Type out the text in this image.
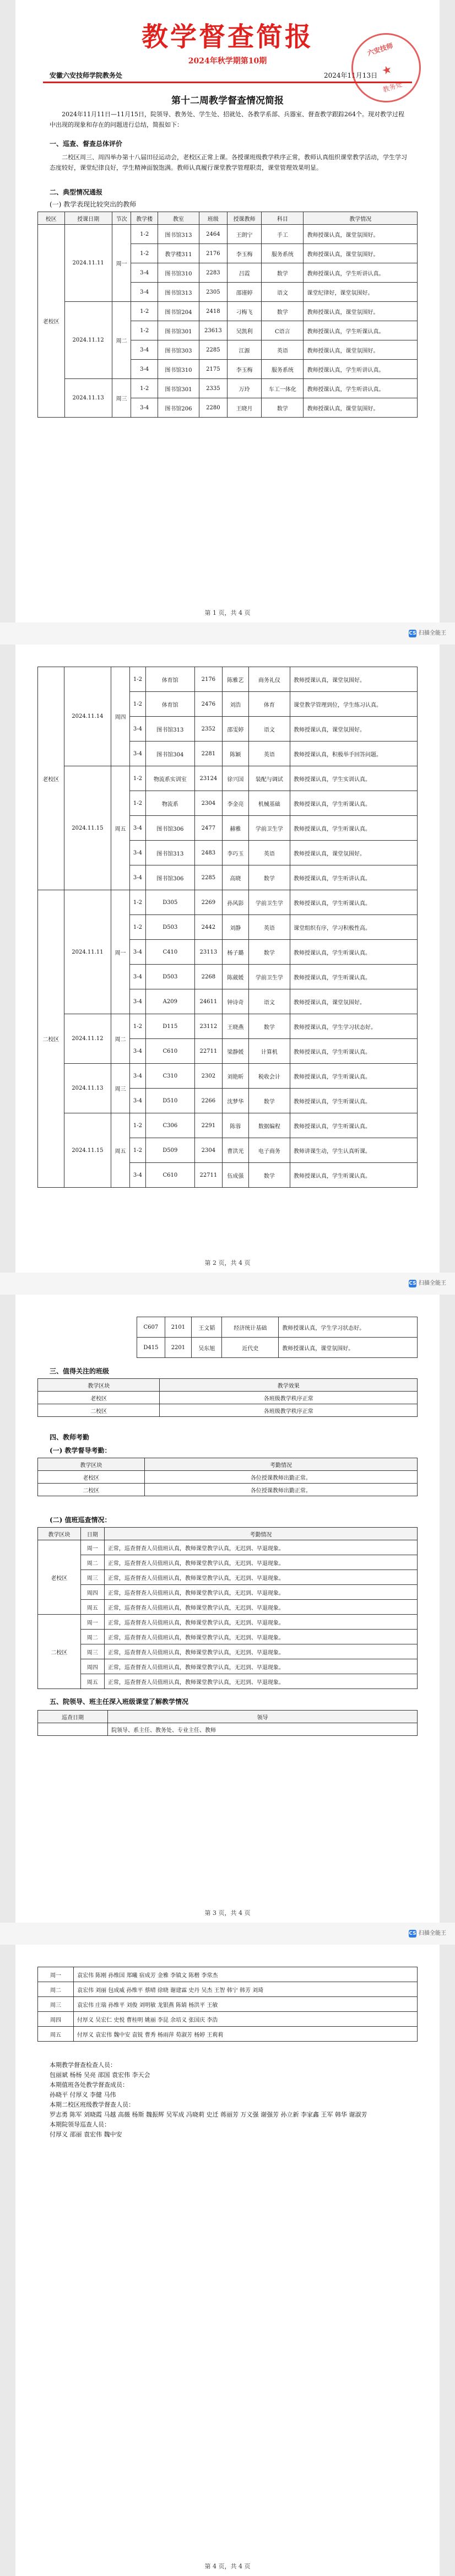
教学督查简报
2024年秋学期第10期
安徽六安技师学院教务处	2024年11月13日
六安技师
★
教务处
第十二周教学督查情况简报
2024年11月11日—11月15日，院领导、教务处、学生处、招就处、各教学系部、兵器室、督查教学跟踪264个。现对教学过程中出现的现象和存在的问题进行总结，简报如下：
一、巡查、督查总体评价
二校区周三、周四举办第十八届田径运动会，老校区正常上课。各授课班级教学秩序正常，教师认真组织课堂教学活动，学生学习态度较好，课堂纪律良好，学生精神面貌饱满。教师认真履行课堂教学管理职责，课堂管理效果明显。
二、典型情况通报
(一) 教学表现比较突出的教师
校区	授课日期	节次	教学楼	教室	班级	授课教师	科目	教学情况
老校区	2024.11.11	周一	1-2	图书馆313	2464	王朗宁	手工	教师授课认真，课堂氛围好。
			1-2	教学楼311	2176	李玉梅	服务系统	教师授课认真，课堂氛围好。
			3-4	图书馆310	2283	吕霞	数学	教师授课认真，学生听讲认真。
			3-4	图书馆313	2305	邵谨婷	语文	课堂纪律好，课堂氛围好。
	2024.11.12	周二	1-2	图书馆204	2418	刁梅飞	数学	教师授课认真，课堂氛围好。
			1-2	图书馆301	23613	吴凯利	C语言	教师授课认真，学生听课认真。
			3-4	图书馆303	2285	江源	英语	教师授课认真，课堂氛围好。
			3-4	图书馆310	2175	李玉梅	服务系统	教师授课认真，学生听讲认真。
	2024.11.13	周三	1-2	图书馆301	2335	万玲	车工一体化	教师授课认真，学生听讲认真。
			3-4	图书馆206	2280	王晓月	数学	教师授课认真，课堂氛围好。
第 1 页，共 4 页
CS 扫描全能王
老校区	2024.11.14	周四	1-2	体育馆	2176	陈雅艺	商务礼仪	教师授课认真，课堂氛围好。
			1-2	体育馆	2476	刘浩	体育	课堂教学管理到位，学生练习认真。
			3-4	图书馆313	2352	邵雯婷	语文	教师授课认真，课堂氛围好。
			3-4	图书馆304	2281	陈颖	英语	教师授课认真，积极举手回答问题。
	2024.11.15	周五	1-2	物流系实训室	23124	徐兴国	装配与调试	教师授课认真，学生实训认真。
			1-2	物流系	2304	李金亮	机械基础	教师授课认真，学生听课认真。
			3-4	图书馆306	2477	赫雅	学前卫生学	教师授课认真，学生听课认真。
			3-4	图书馆313	2483	李巧玉	英语	教师授课认真，课堂氛围好。
			3-4	图书馆306	2285	高晓	数学	教师授课认真，学生听讲认真。
二校区	2024.11.11	周一	1-2	D305	2269	孙风影	学前卫生学	教师授课认真，学生听课认真。
			1-2	D503	2442	刘静	英语	课堂组织有序，学习积极性高。
			3-4	C410	23113	杨子璐	数学	教师授课认真，学生听课认真。
			3-4	D503	2268	陈葳媛	学前卫生学	教师授课认真，学生听课认真。
			3-4	A209	24611	钟诗奇	语文	教师授课认真，课堂氛围好。
	2024.11.12	周二	1-2	D115	23112	王晓燕	数学	教师授课认真，学生学习状态好。
			3-4	C610	22711	梁静媛	计算机	教师授课认真，学生听课认真。
	2024.11.13	周三	3-4	C310	2302	刘艳昕	税收会计	教师授课认真，学生听课认真。
			3-4	D510	2266	沈梦华	数学	教师授课认真，学生听课认真。
	2024.11.15	周五	1-2	C306	2291	陈蓉	数据编程	教师授课认真，学生听课认真。
			1-2	D509	2304	曹洪光	电子商务	教师讲课生动，学生认真听课。
			3-4	C610	22711	伍成强	数学	教师授课认真，学生听课认真。
第 2 页，共 4 页
CS 扫描全能王
C607	2101	王文韬	经济统计基础	教师授课认真，学生学习状态好。
D415	2201	吴东旭	近代史	教师授课认真，课堂氛围好。
三、值得关注的班级
教学区块	教学效果
老校区	各班级教学秩序正常
二校区	各班级教学秩序正常
四、教师考勤
(一) 教学督导考勤：
教学区块	考勤情况
老校区	各位授课教师出勤正常。
二校区	各位授课教师出勤正常。
(二) 值班巡查情况：
教学区块	日期	考勤情况
老校区	周一	正常，巡查督查人员值班认真，教师课堂教学认真，无迟到、早退现象。
	周二	正常，巡查督查人员值班认真，教师课堂教学认真，无迟到、早退现象。
	周三	正常，巡查督查人员值班认真，教师课堂教学认真，无迟到、早退现象。
	周四	正常，巡查督查人员值班认真，教师课堂教学认真，无迟到、早退现象。
	周五	正常，巡查督查人员值班认真，教师课堂教学认真，无迟到、早退现象。
二校区	周一	正常，巡查督查人员值班认真，教师课堂教学认真，无迟到、早退现象。
	周二	正常，巡查督查人员值班认真，教师课堂教学认真，无迟到、早退现象。
	周三	正常，巡查督查人员值班认真，教师课堂教学认真，无迟到、早退现象。
	周四	正常，巡查督查人员值班认真，教师课堂教学认真，无迟到、早退现象。
	周五	正常，巡查督查人员值班认真，教师课堂教学认真，无迟到、早退现象。
五、院领导、班主任深入班级课堂了解教学情况
巡查日期	领导
	院领导、系主任、教务处、专业主任、教师
第 3 页，共 4 页
CS 扫描全能王
周一	袁宏伟 陈刚 孙维国 郑曦 宿成芳 金雅 李镇文 陈楷 李常杰
周二	袁宏伟 刘丽 包成威 孙维平 蔡晴 徐晓 谢建霖 史丹 吴杰 王智 韩宁 韩芳 刘琦
周三	袁宏伟 庄瑞 孙维平 刘俊 刘明敏 龙银燕 陈婧 杨洪平 王敏
周四	付厚义 吴宏仁 史悦 曹桂明 姚丽 李昆 余培义 张国庆 李浩
周五	付厚义 袁宏伟 魏中安 袁锐 曹秀 杨雨萍 荀淑芳 杨婷 王莉莉
本期教学督查检查人员：
包丽斌 杨杨 吴亮 邵国 袁宏伟 李天会
本期值班各处教学督查成员：
孙晓平 付厚义 李健 马伟
本期二校区班级教学督查人员：
罗志勇 陈军 刘晓霞 马越 高薇 杨斯 魏振辉 吴军成 冯晓莉 史迁 蒋丽芳 万义强 谢强芳 孙立新 李家鑫 王军 韩华 谢淑芳
本期院领导巡查人员：
付厚义 邵丽 袁宏伟 魏中安
第 4 页，共 4 页
